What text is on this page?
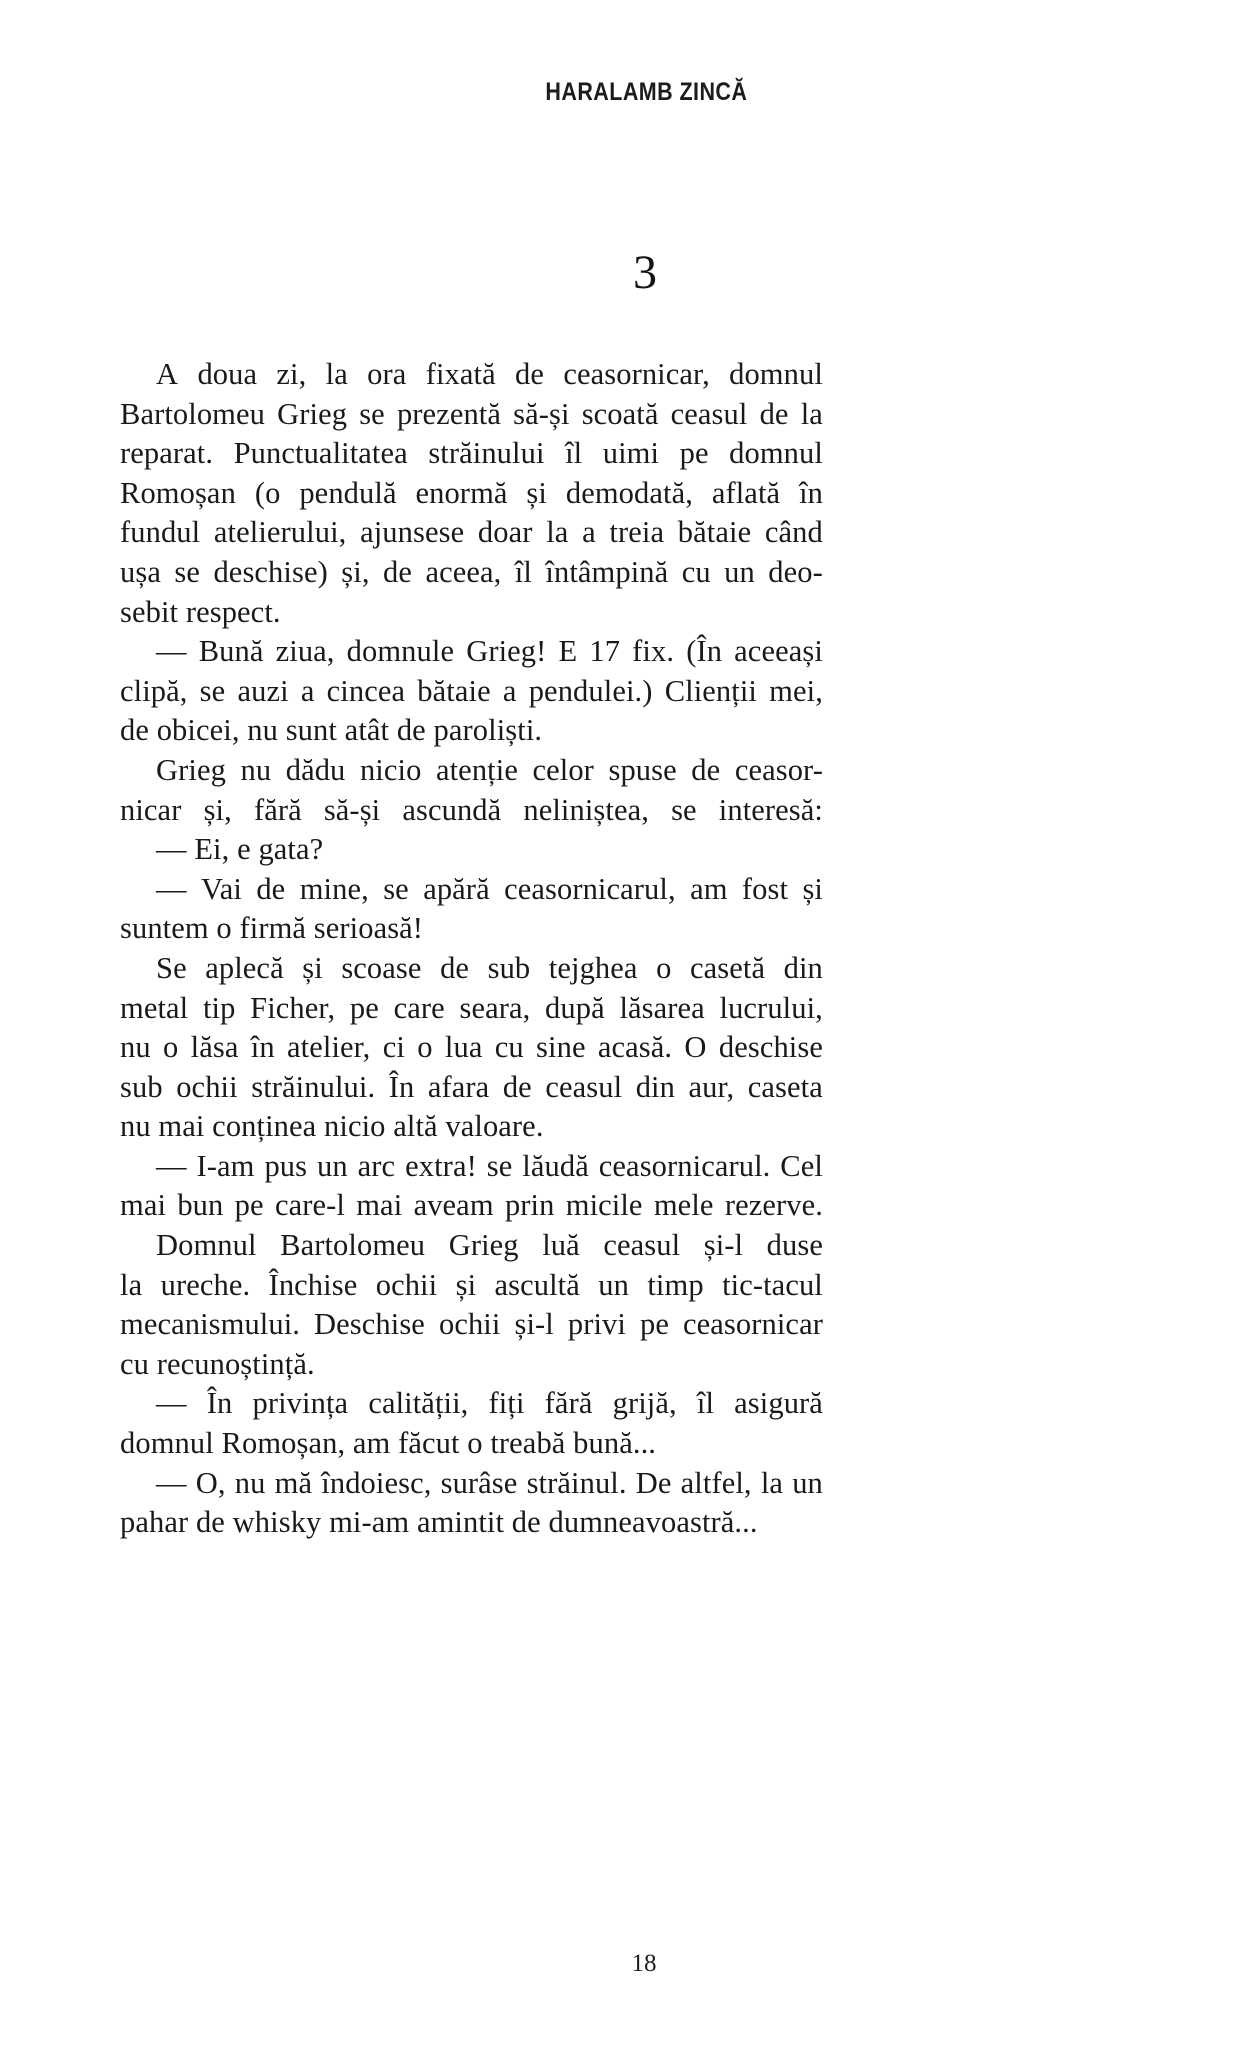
HARALAMB ZINCĂ
3
A doua zi, la ora fixată de ceasornicar, domnul
Bartolomeu Grieg se prezentă să-și scoată ceasul de la
reparat. Punctualitatea străinului îl uimi pe domnul
Romoșan (o pendulă enormă și demodată, aflată în
fundul atelierului, ajunsese doar la a treia bătaie când
ușa se deschise) și, de aceea, îl întâmpină cu un deo-
sebit respect.
— Bună ziua, domnule Grieg! E 17 fix. (În aceeași
clipă, se auzi a cincea bătaie a pendulei.) Clienții mei,
de obicei, nu sunt atât de paroliști.
Grieg nu dădu nicio atenție celor spuse de ceasor-
nicar și, fără să-și ascundă neliniștea, se interesă:
— Ei, e gata?
— Vai de mine, se apără ceasornicarul, am fost și
suntem o firmă serioasă!
Se aplecă și scoase de sub tejghea o casetă din
metal tip Ficher, pe care seara, după lăsarea lucrului,
nu o lăsa în atelier, ci o lua cu sine acasă. O deschise
sub ochii străinului. În afara de ceasul din aur, caseta
nu mai conținea nicio altă valoare.
— I-am pus un arc extra! se lăudă ceasornicarul. Cel
mai bun pe care-l mai aveam prin micile mele rezerve.
Domnul Bartolomeu Grieg luă ceasul și-l duse
la ureche. Închise ochii și ascultă un timp tic-tacul
mecanismului. Deschise ochii și-l privi pe ceasornicar
cu recunoștință.
— În privința calității, fiți fără grijă, îl asigură
domnul Romoșan, am făcut o treabă bună...
— O, nu mă îndoiesc, surâse străinul. De altfel, la un
pahar de whisky mi-am amintit de dumneavoastră...
18
